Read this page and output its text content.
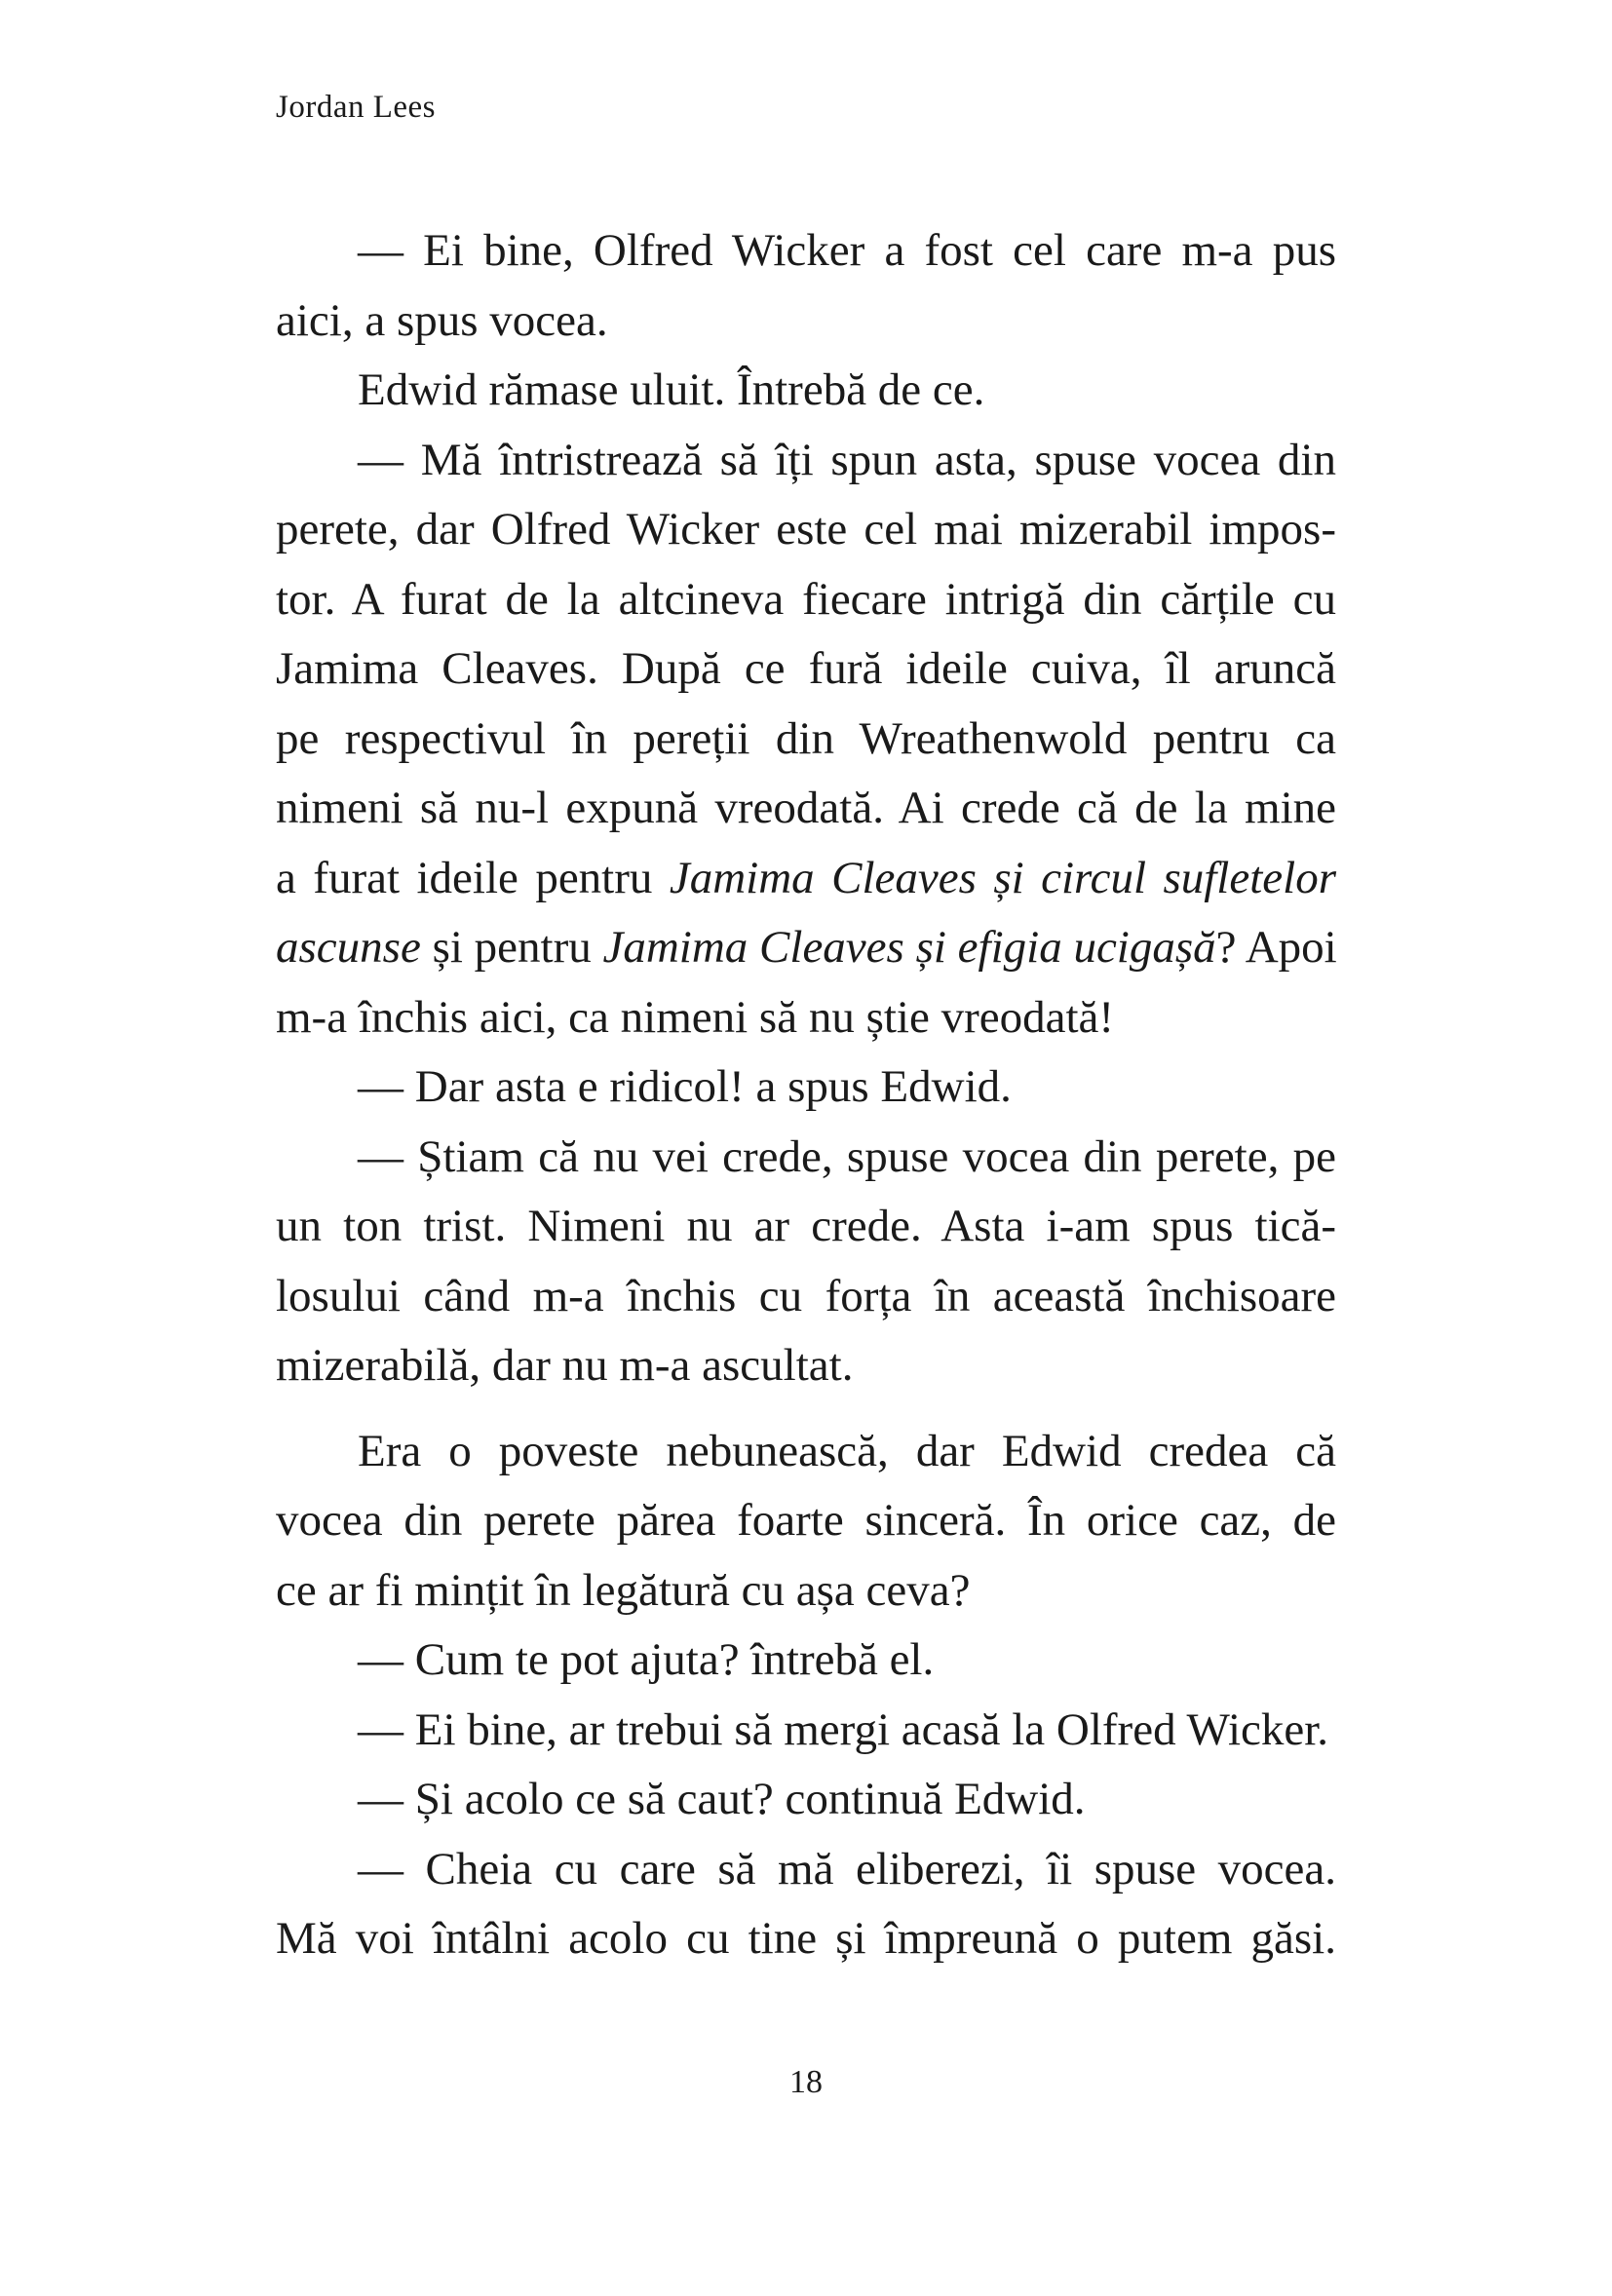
Jordan Lees
— Ei bine, Olfred Wicker a fost cel care m-a pus
aici, a spus vocea.
Edwid rămase uluit. Întrebă de ce.
— Mă întristrează să îți spun asta, spuse vocea din
perete, dar Olfred Wicker este cel mai mizerabil impos-
tor. A furat de la altcineva fiecare intrigă din cărțile cu
Jamima Cleaves. După ce fură ideile cuiva, îl aruncă
pe respectivul în pereții din Wreathenwold pentru ca
nimeni să nu-l expună vreodată. Ai crede că de la mine
a furat ideile pentru Jamima Cleaves și circul sufletelor
ascunse și pentru Jamima Cleaves și efigia ucigașă? Apoi
m-a închis aici, ca nimeni să nu știe vreodată!
— Dar asta e ridicol! a spus Edwid.
— Știam că nu vei crede, spuse vocea din perete, pe
un ton trist. Nimeni nu ar crede. Asta i-am spus tică-
losului când m-a închis cu forța în această închisoare
mizerabilă, dar nu m-a ascultat.
Era o poveste nebunească, dar Edwid credea că
vocea din perete părea foarte sinceră. În orice caz, de
ce ar fi mințit în legătură cu așa ceva?
— Cum te pot ajuta? întrebă el.
— Ei bine, ar trebui să mergi acasă la Olfred Wicker.
— Și acolo ce să caut? continuă Edwid.
— Cheia cu care să mă eliberezi, îi spuse vocea.
Mă voi întâlni acolo cu tine și împreună o putem găsi.
18
